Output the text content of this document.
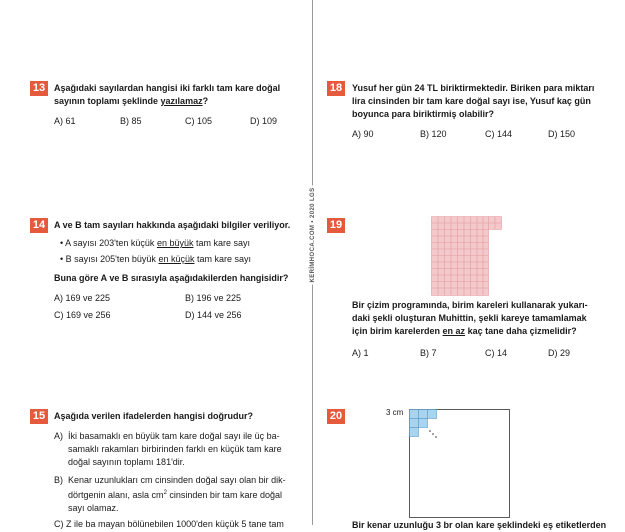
KERİMHOCA.COM • 2020 LGS
13 Aşağıdaki sayılardan hangisi iki farklı tam kare doğal
sayının toplamı şeklinde yazılamaz?
A) 61	B) 85	C) 105	D) 109
14 A ve B tam sayıları hakkında aşağıdaki bilgiler veriliyor.
• A sayısı 203'ten küçük en büyük tam kare sayı
• B sayısı 205'ten büyük en küçük tam kare sayı
Buna göre A ve B sırasıyla aşağıdakilerden hangisidir?
A) 169 ve 225	B) 196 ve 225
C) 169 ve 256	D) 144 ve 256
15 Aşağıda verilen ifadelerden hangisi doğrudur?
A) İki basamaklı en büyük tam kare doğal sayı ile üç ba-
samaklı rakamları birbirinden farklı en küçük tam kare
doğal sayının toplamı 181'dir.
B) Kenar uzunlukları cm cinsinden doğal sayı olan bir dik-
dörtgenin alanı, asla $cm^2$ cinsinden bir tam kare doğal
sayı olamaz.
C) Z ile ba mayan bölünebilen 1000'den küçük 5 tane tam
18	Yusuf her gün 24 TL biriktirmektedir. Biriken para miktarı
lira cinsinden bir tam kare doğal sayı ise, Yusuf kaç gün
boyunca para biriktirmiş olabilir?
A) 90	B) 120	C) 144	D) 150
19
Bir çizim programında, birim kareleri kullanarak yukarı-
daki şekli oluşturan Muhittin, şekli kareye tamamlamak
için birim karelerden en az kaç tane daha çizmelidir?
A) 1	B) 7	C) 14	D) 29
20	3 cm
Bir kenar uzunluğu 3 br olan kare şeklindeki eş etiketlerden
